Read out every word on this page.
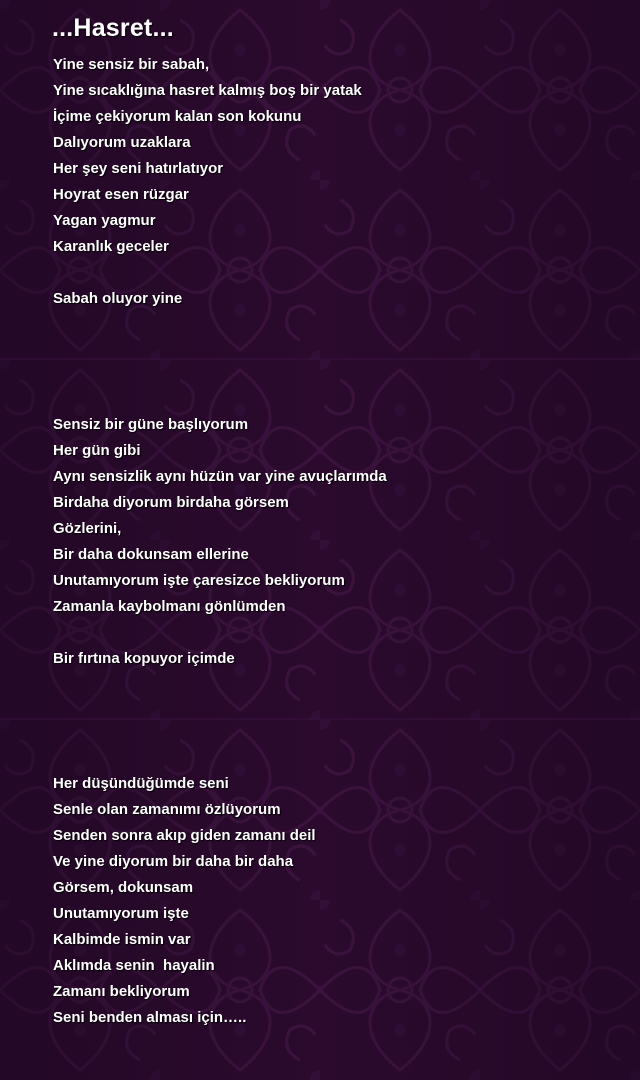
...Hasret...
Yine sensiz bir sabah,
Yine sıcaklığına hasret kalmış boş bir yatak
İçime çekiyorum kalan son kokunu
Dalıyorum uzaklara
Her şey seni hatırlatıyor
Hoyrat esen rüzgar
Yagan yagmur
Karanlık geceler
Sabah oluyor yine
Sensiz bir güne başlıyorum
Her gün gibi
Aynı sensizlik aynı hüzün var yine avuçlarımda
Birdaha diyorum birdaha görsem
Gözlerini,
Bir daha dokunsam ellerine
Unutamıyorum işte çaresizce bekliyorum
Zamanla kaybolmanı gönlümden
Bir fırtına kopuyor içimde
Her düşündüğümde seni
Senle olan zamanımı özlüyorum
Senden sonra akıp giden zamanı deil
Ve yine diyorum bir daha bir daha
Görsem, dokunsam
Unutamıyorum işte
Kalbimde ismin var
Aklımda senin  hayalin
Zamanı bekliyorum
Seni benden alması için…..
